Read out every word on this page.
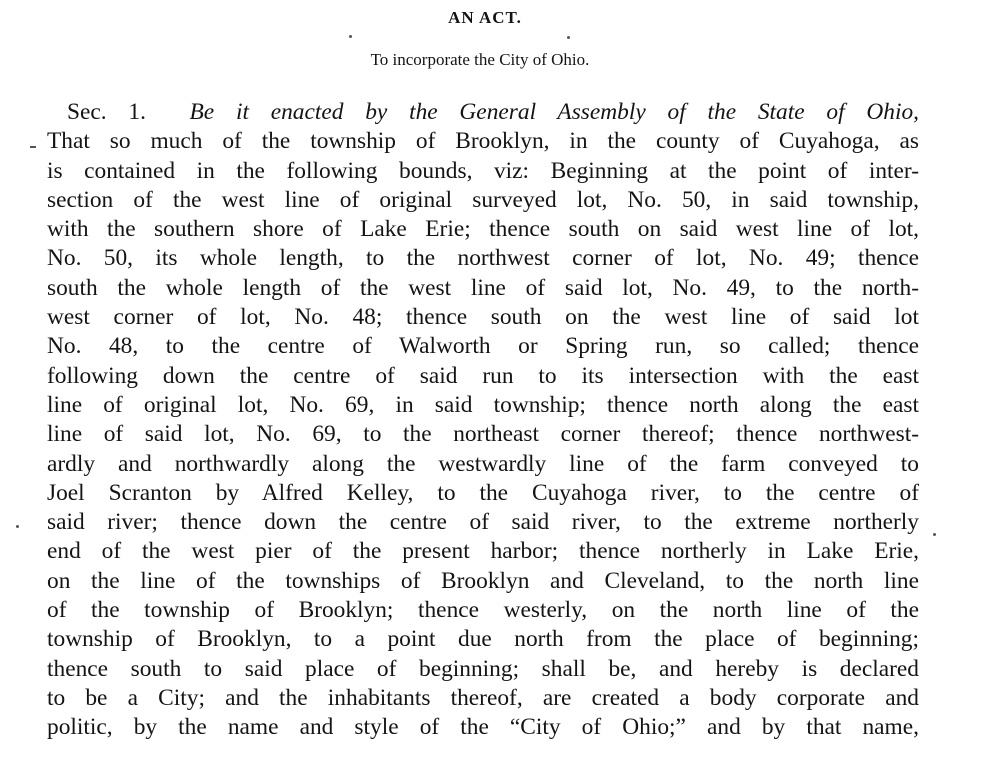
AN ACT.
To incorporate the City of Ohio.
Sec. 1. Be it enacted by the General Assembly of the State of Ohio,
That so much of the township of Brooklyn, in the county of Cuyahoga, as
is contained in the following bounds, viz: Beginning at the point of inter-
section of the west line of original surveyed lot, No. 50, in said township,
with the southern shore of Lake Erie; thence south on said west line of lot,
No. 50, its whole length, to the northwest corner of lot, No. 49; thence
south the whole length of the west line of said lot, No. 49, to the north-
west corner of lot, No. 48; thence south on the west line of said lot
No. 48, to the centre of Walworth or Spring run, so called; thence
following down the centre of said run to its intersection with the east
line of original lot, No. 69, in said township; thence north along the east
line of said lot, No. 69, to the northeast corner thereof; thence northwest-
ardly and northwardly along the westwardly line of the farm conveyed to
Joel Scranton by Alfred Kelley, to the Cuyahoga river, to the centre of
said river; thence down the centre of said river, to the extreme northerly
end of the west pier of the present harbor; thence northerly in Lake Erie,
on the line of the townships of Brooklyn and Cleveland, to the north line
of the township of Brooklyn; thence westerly, on the north line of the
township of Brooklyn, to a point due north from the place of beginning;
thence south to said place of beginning; shall be, and hereby is declared
to be a City; and the inhabitants thereof, are created a body corporate and
politic, by the name and style of the “City of Ohio;” and by that name,
